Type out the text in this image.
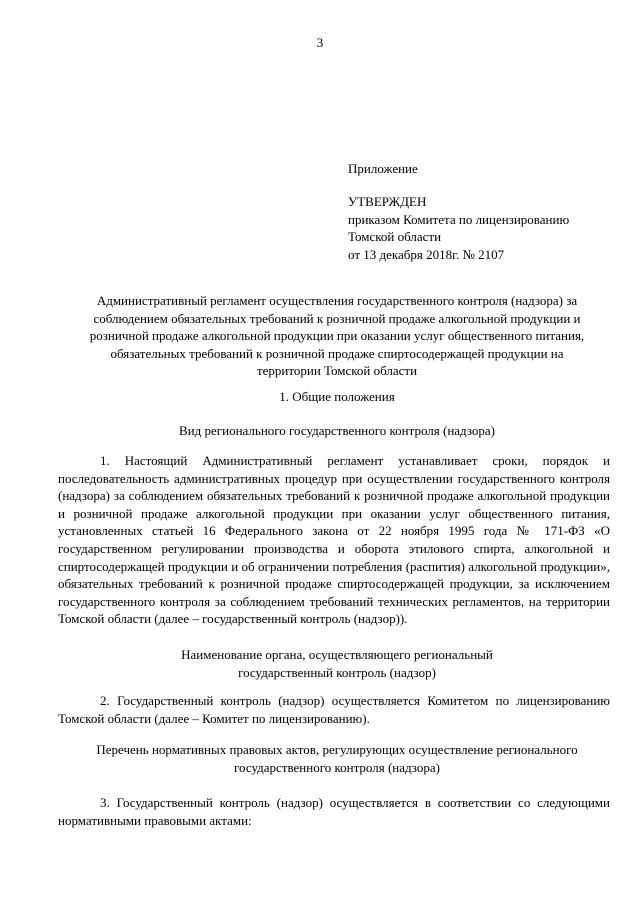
3
Приложение
УТВЕРЖДЕН
приказом Комитета по лицензированию
Томской области
от 13 декабря 2018г. № 2107
Административный регламент осуществления государственного контроля (надзора) за
соблюдением обязательных требований к розничной продаже алкогольной продукции и
розничной продаже алкогольной продукции при оказании услуг общественного питания,
обязательных требований к розничной продаже спиртосодержащей продукции на
территории Томской области
1. Общие положения
Вид регионального государственного контроля (надзора)
1. Настоящий Административный регламент устанавливает сроки, порядок и последовательность административных процедур при осуществлении государственного контроля (надзора) за соблюдением обязательных требований к розничной продаже алкогольной продукции и розничной продаже алкогольной продукции при оказании услуг общественного питания, установленных статьей 16 Федерального закона от 22 ноября 1995 года № 171-ФЗ «О государственном регулировании производства и оборота этилового спирта, алкогольной и спиртосодержащей продукции и об ограничении потребления (распития) алкогольной продукции», обязательных требований к розничной продаже спиртосодержащей продукции, за исключением государственного контроля за соблюдением требований технических регламентов, на территории Томской области (далее – государственный контроль (надзор)).
Наименование органа, осуществляющего региональный
государственный контроль (надзор)
2. Государственный контроль (надзор) осуществляется Комитетом по лицензированию Томской области (далее – Комитет по лицензированию).
Перечень нормативных правовых актов, регулирующих осуществление регионального
государственного контроля (надзора)
3. Государственный контроль (надзор) осуществляется в соответствии со следующими нормативными правовыми актами:
